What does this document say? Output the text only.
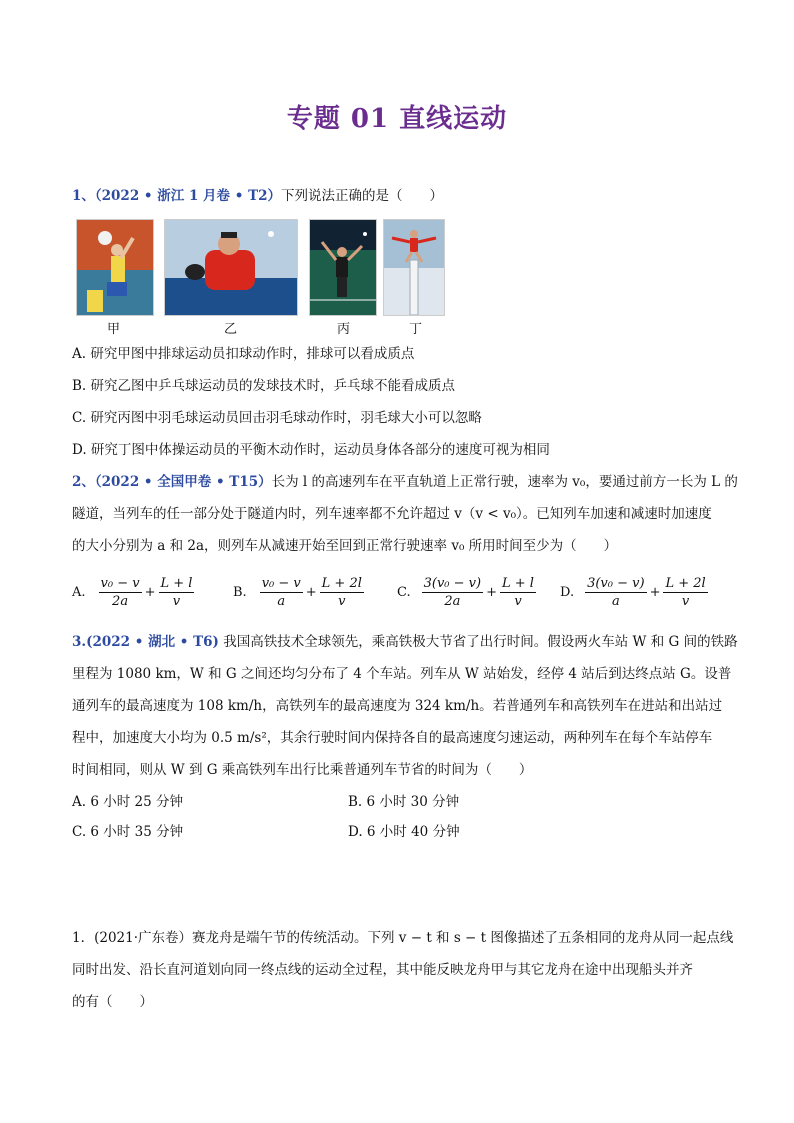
专题 01 直线运动
1、（2022 • 浙江 1 月卷 • T2）下列说法正确的是（　　）
甲	乙	丙	丁
A. 研究甲图中排球运动员扣球动作时，排球可以看成质点
B. 研究乙图中乒乓球运动员的发球技术时，乒乓球不能看成质点
C. 研究丙图中羽毛球运动员回击羽毛球动作时，羽毛球大小可以忽略
D. 研究丁图中体操运动员的平衡木动作时，运动员身体各部分的速度可视为相同
2、（2022 • 全国甲卷 • T15）长为 l 的高速列车在平直轨道上正常行驶，速率为 v₀，要通过前方一长为 L 的
隧道，当列车的任一部分处于隧道内时，列车速率都不允许超过 v（v < v₀）。已知列车加速和减速时加速度
的大小分别为 a 和 2a，则列车从减速开始至回到正常行驶速率 v₀ 所用时间至少为（　　）
A. $\frac{\text{v₀ − v}}{2a} + \frac{L + l}{v}$	B. $\frac{\text{v₀ − v}}{a} + \frac{L + 2l}{v}$	C. $\frac{\text{3(v₀ − v)}}{2a} + \frac{L + l}{v} D$. $\frac{\text{3(v₀ − v)}}{a} + \frac{L + 2l}{v}$
3.(2022 • 湖北 • T6) 我国高铁技术全球领先，乘高铁极大节省了出行时间。假设两火车站 W 和 G 间的铁路
里程为 1080 km，W 和 G 之间还均匀分布了 4 个车站。列车从 W 站始发，经停 4 站后到达终点站 G。设普
通列车的最高速度为 108 km/h，高铁列车的最高速度为 324 km/h。若普通列车和高铁列车在进站和出站过
程中，加速度大小均为 0.5 m/s²，其余行驶时间内保持各自的最高速度匀速运动，两种列车在每个车站停车
时间相同，则从 W 到 G 乘高铁列车出行比乘普通列车节省的时间为（　　）
A. 6 小时 25 分钟	B. 6 小时 30 分钟
C. 6 小时 35 分钟	D. 6 小时 40 分钟
1．(2021·广东卷）赛龙舟是端午节的传统活动。下列 v − t 和 s − t 图像描述了五条相同的龙舟从同一起点线
同时出发、沿长直河道划向同一终点线的运动全过程，其中能反映龙舟甲与其它龙舟在途中出现船头并齐
的有（　　）
